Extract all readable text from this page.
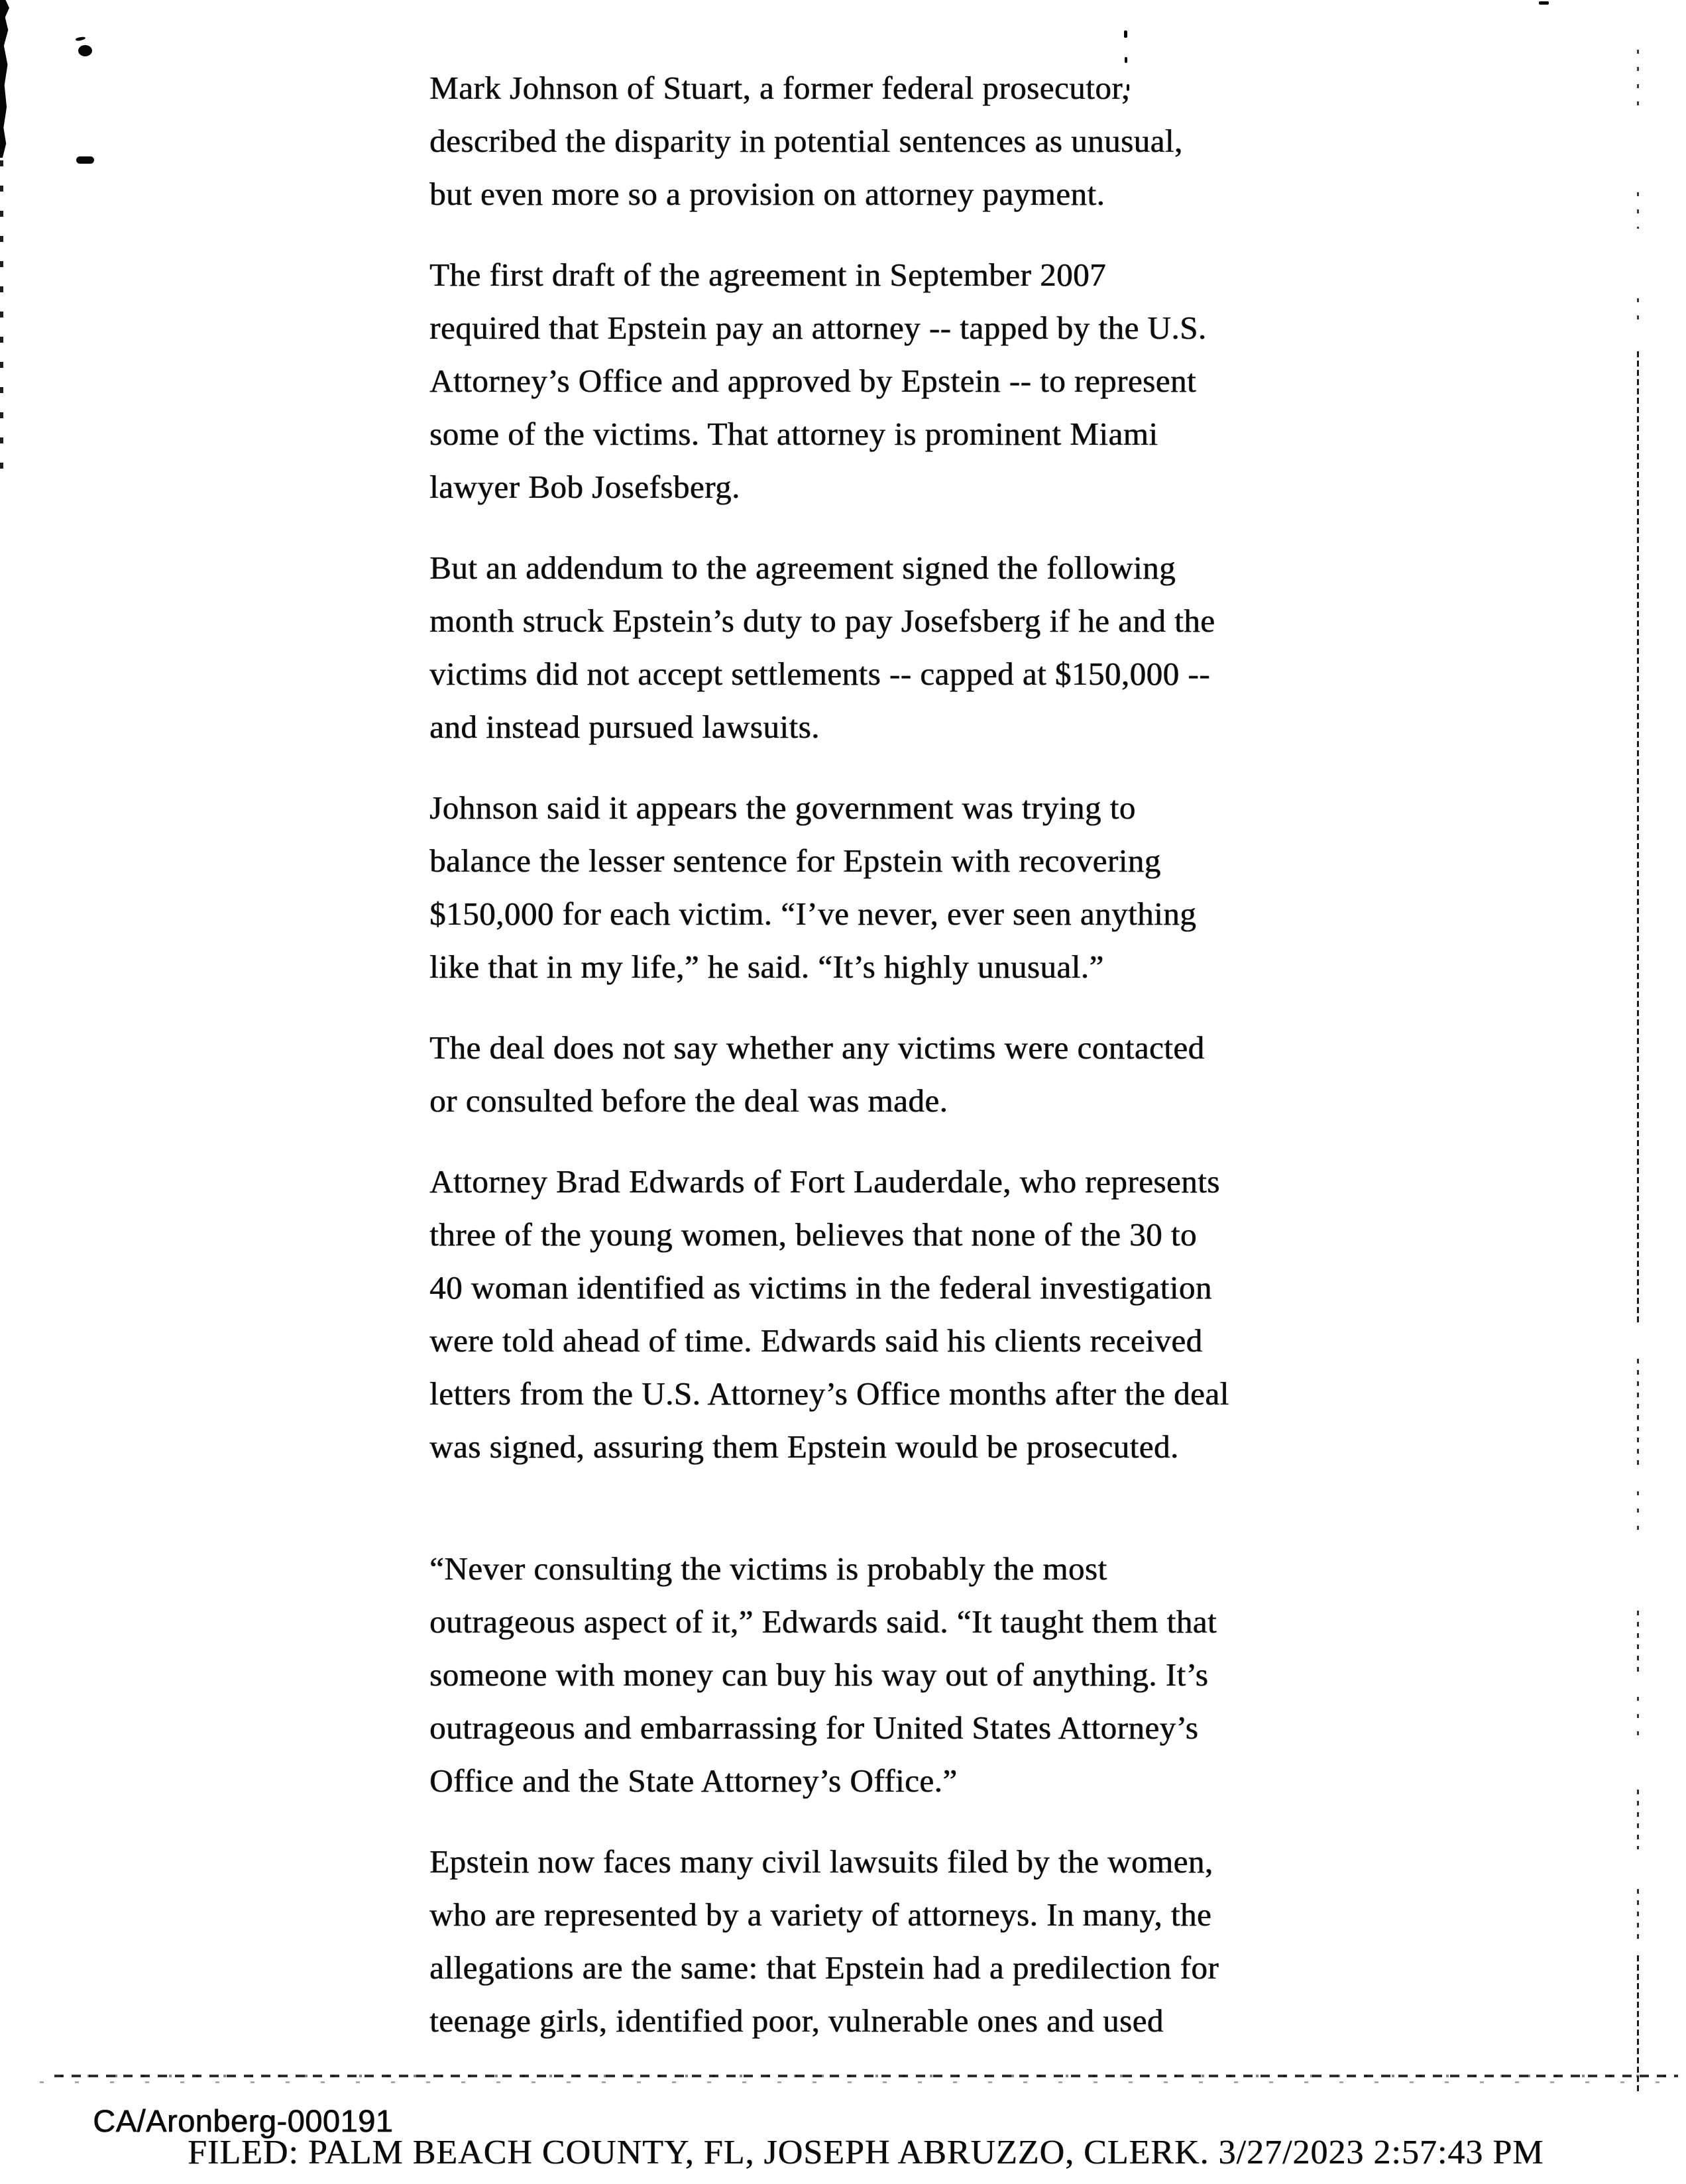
Mark Johnson of Stuart, a former federal prosecutor,
described the disparity in potential sentences as unusual,
but even more so a provision on attorney payment.
The first draft of the agreement in September 2007
required that Epstein pay an attorney -- tapped by the U.S.
Attorney’s Office and approved by Epstein -- to represent
some of the victims. That attorney is prominent Miami
lawyer Bob Josefsberg.
But an addendum to the agreement signed the following
month struck Epstein’s duty to pay Josefsberg if he and the
victims did not accept settlements -- capped at $150,000 --
and instead pursued lawsuits.
Johnson said it appears the government was trying to
balance the lesser sentence for Epstein with recovering
$150,000 for each victim. “I’ve never, ever seen anything
like that in my life,” he said. “It’s highly unusual.”
The deal does not say whether any victims were contacted
or consulted before the deal was made.
Attorney Brad Edwards of Fort Lauderdale, who represents
three of the young women, believes that none of the 30 to
40 woman identified as victims in the federal investigation
were told ahead of time. Edwards said his clients received
letters from the U.S. Attorney’s Office months after the deal
was signed, assuring them Epstein would be prosecuted.
“Never consulting the victims is probably the most
outrageous aspect of it,” Edwards said. “It taught them that
someone with money can buy his way out of anything. It’s
outrageous and embarrassing for United States Attorney’s
Office and the State Attorney’s Office.”
Epstein now faces many civil lawsuits filed by the women,
who are represented by a variety of attorneys. In many, the
allegations are the same: that Epstein had a predilection for
teenage girls, identified poor, vulnerable ones and used
CA/Aronberg-000191
FILED: PALM BEACH COUNTY, FL, JOSEPH ABRUZZO, CLERK. 3/27/2023 2:57:43 PM
